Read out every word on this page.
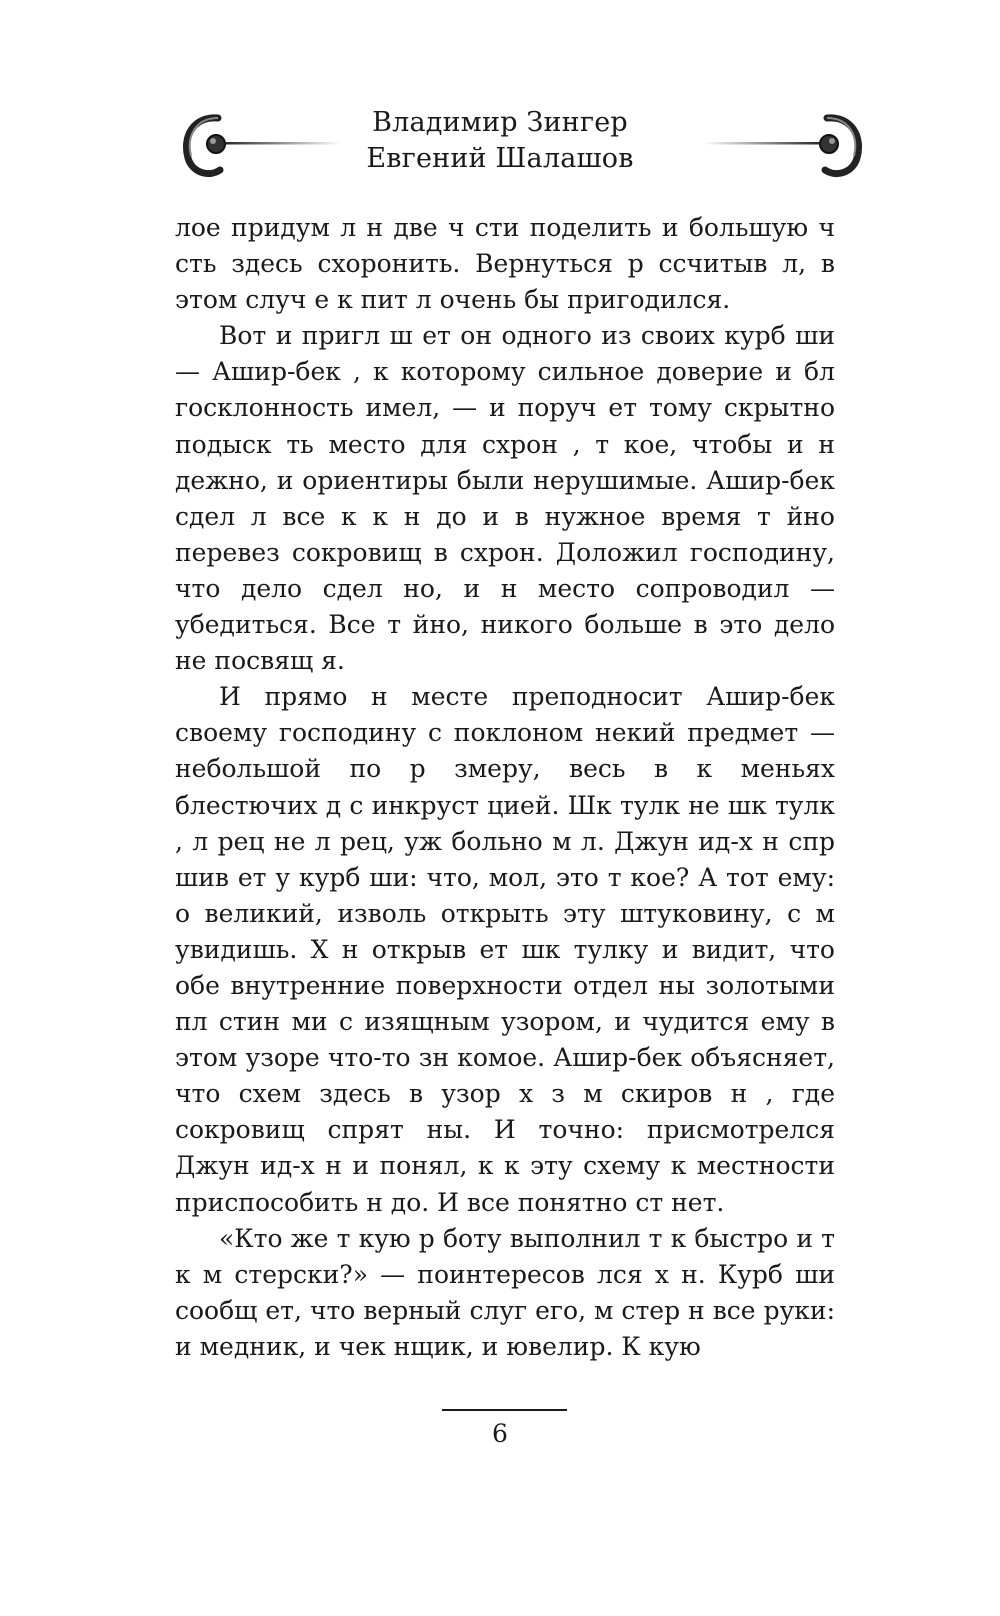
Владимир Зингер
Евгений Шалашов

лое придум л н две ч сти поделить и большую ч сть здесь схоронить. Вернуться р ссчитыв л, в этом случ е к пит л очень бы пригодился.

Вот и пригл ш ет он одного из своих курб ши — Ашир-бек , к которому сильное доверие и бл госклонность имел, — и поруч ет тому скрытно подыск ть место для схрон , т кое, чтобы и н дежно, и ориентиры были нерушимые. Ашир-бек сдел л все к к н до и в нужное время т йно перевез сокровищ в схрон. Доложил господину, что дело сдел но, и н место сопроводил — убедиться. Все т йно, никого больше в это дело не посвящ я.

И прямо н месте преподносит Ашир-бек своему господину с поклоном некий предмет — небольшой по р змеру, весь в к меньях блестючих д с инкруст цией. Шк тулк не шк тулк , л рец не л рец, уж больно м л. Джун ид-х н спр шив ет у курб ши: что, мол, это т кое? А тот ему: о великий, изволь открыть эту штуковину, с м увидишь. Х н открыв ет шк тулку и видит, что обе внутренние поверхности отдел ны золотыми пл стин ми с изящным узором, и чудится ему в этом узоре что-то зн комое. Ашир-бек объясняет, что схем здесь в узор х з м скиров н , где сокровищ спрят ны. И точно: присмотрелся Джун ид-х н и понял, к к эту схему к местности приспособить н до. И все понятно ст нет.

«Кто же т кую р боту выполнил т к быстро и т к м стерски?» — поинтересов лся х н. Курб ши сообщ ет, что верный слуг его, м стер н все руки: и медник, и чек нщик, и ювелир. К кую

6
